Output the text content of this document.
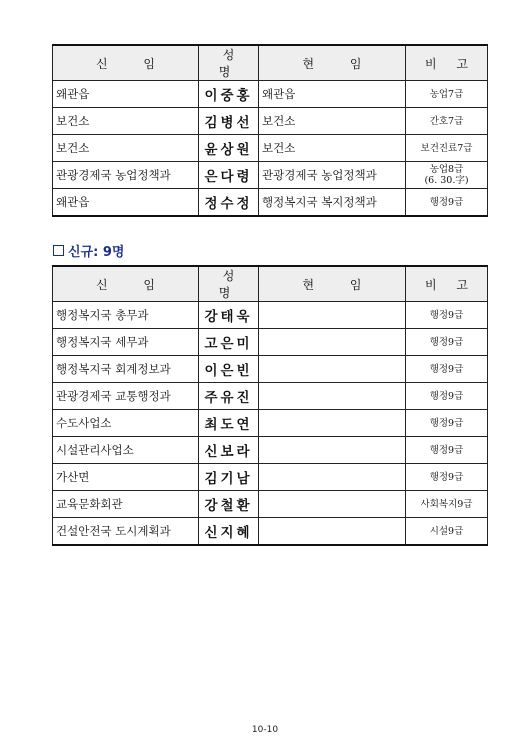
신 임	성 명	현 임	비 고
왜관읍	이중홍	왜관읍	농업7급
보건소	김병선	보건소	간호7급
보건소	윤상원	보건소	보건진료7급
관광경제국 농업정책과	은다령	관광경제국 농업정책과	농업8급
(6. 30.字)

왜관읍	정수정	행정복지국 복지정책과	행정9급
신규: 9명
신 임	성 명	현 임	비 고
행정복지국 총무과	강태욱		행정9급
행정복지국 세무과	고은미		행정9급
행정복지국 회계정보과	이은빈		행정9급
관광경제국 교통행정과	주유진		행정9급
수도사업소	최도연		행정9급
시설관리사업소	신보라		행정9급
가산면	김기남		행정9급
교육문화회관	강철환		사회복지9급
건설안전국 도시계획과	신지혜		시설9급
10-10
